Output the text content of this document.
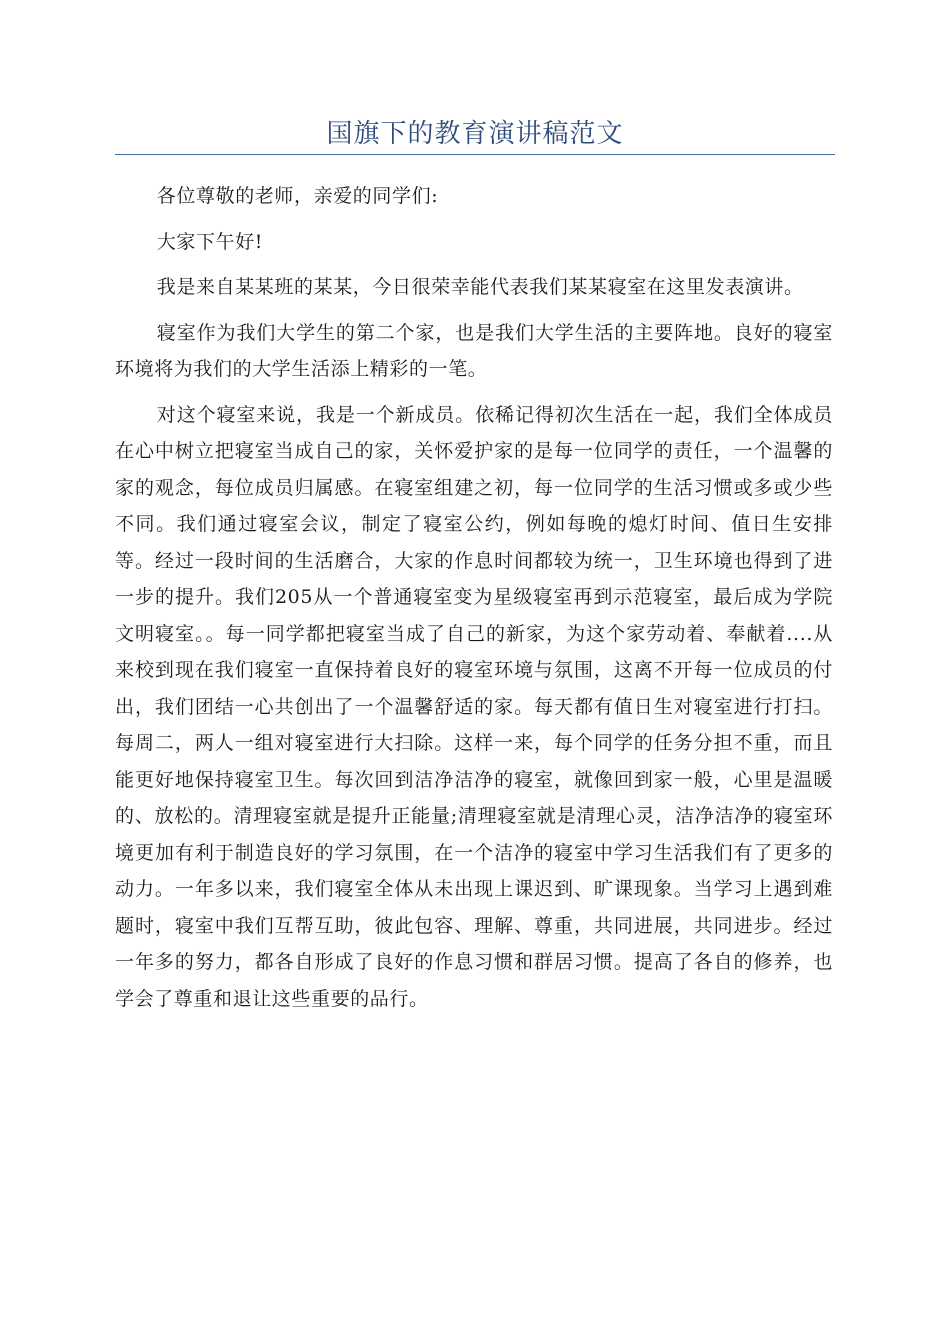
国旗下的教育演讲稿范文

各位尊敬的老师，亲爱的同学们:

大家下午好!

我是来自某某班的某某，今日很荣幸能代表我们某某寝室在这里发表演讲。

寝室作为我们大学生的第二个家，也是我们大学生活的主要阵地。良好的寝室环境将为我们的大学生活添上精彩的一笔。

对这个寝室来说，我是一个新成员。依稀记得初次生活在一起，我们全体成员在心中树立把寝室当成自己的家，关怀爱护家的是每一位同学的责任，一个温馨的家的观念，每位成员归属感。在寝室组建之初，每一位同学的生活习惯或多或少些不同。我们通过寝室会议，制定了寝室公约，例如每晚的熄灯时间、值日生安排等。经过一段时间的生活磨合，大家的作息时间都较为统一，卫生环境也得到了进一步的提升。我们205从一个普通寝室变为星级寝室再到示范寝室，最后成为学院文明寝室。。每一同学都把寝室当成了自己的新家，为这个家劳动着、奉献着....从来校到现在我们寝室一直保持着良好的寝室环境与氛围，这离不开每一位成员的付出，我们团结一心共创出了一个温馨舒适的家。每天都有值日生对寝室进行打扫。每周二，两人一组对寝室进行大扫除。这样一来，每个同学的任务分担不重，而且能更好地保持寝室卫生。每次回到洁净洁净的寝室，就像回到家一般，心里是温暖的、放松的。清理寝室就是提升正能量;清理寝室就是清理心灵，洁净洁净的寝室环境更加有利于制造良好的学习氛围，在一个洁净的寝室中学习生活我们有了更多的动力。一年多以来，我们寝室全体从未出现上课迟到、旷课现象。当学习上遇到难题时，寝室中我们互帮互助，彼此包容、理解、尊重，共同进展，共同进步。经过一年多的努力，都各自形成了良好的作息习惯和群居习惯。提高了各自的修养，也学会了尊重和退让这些重要的品行。
